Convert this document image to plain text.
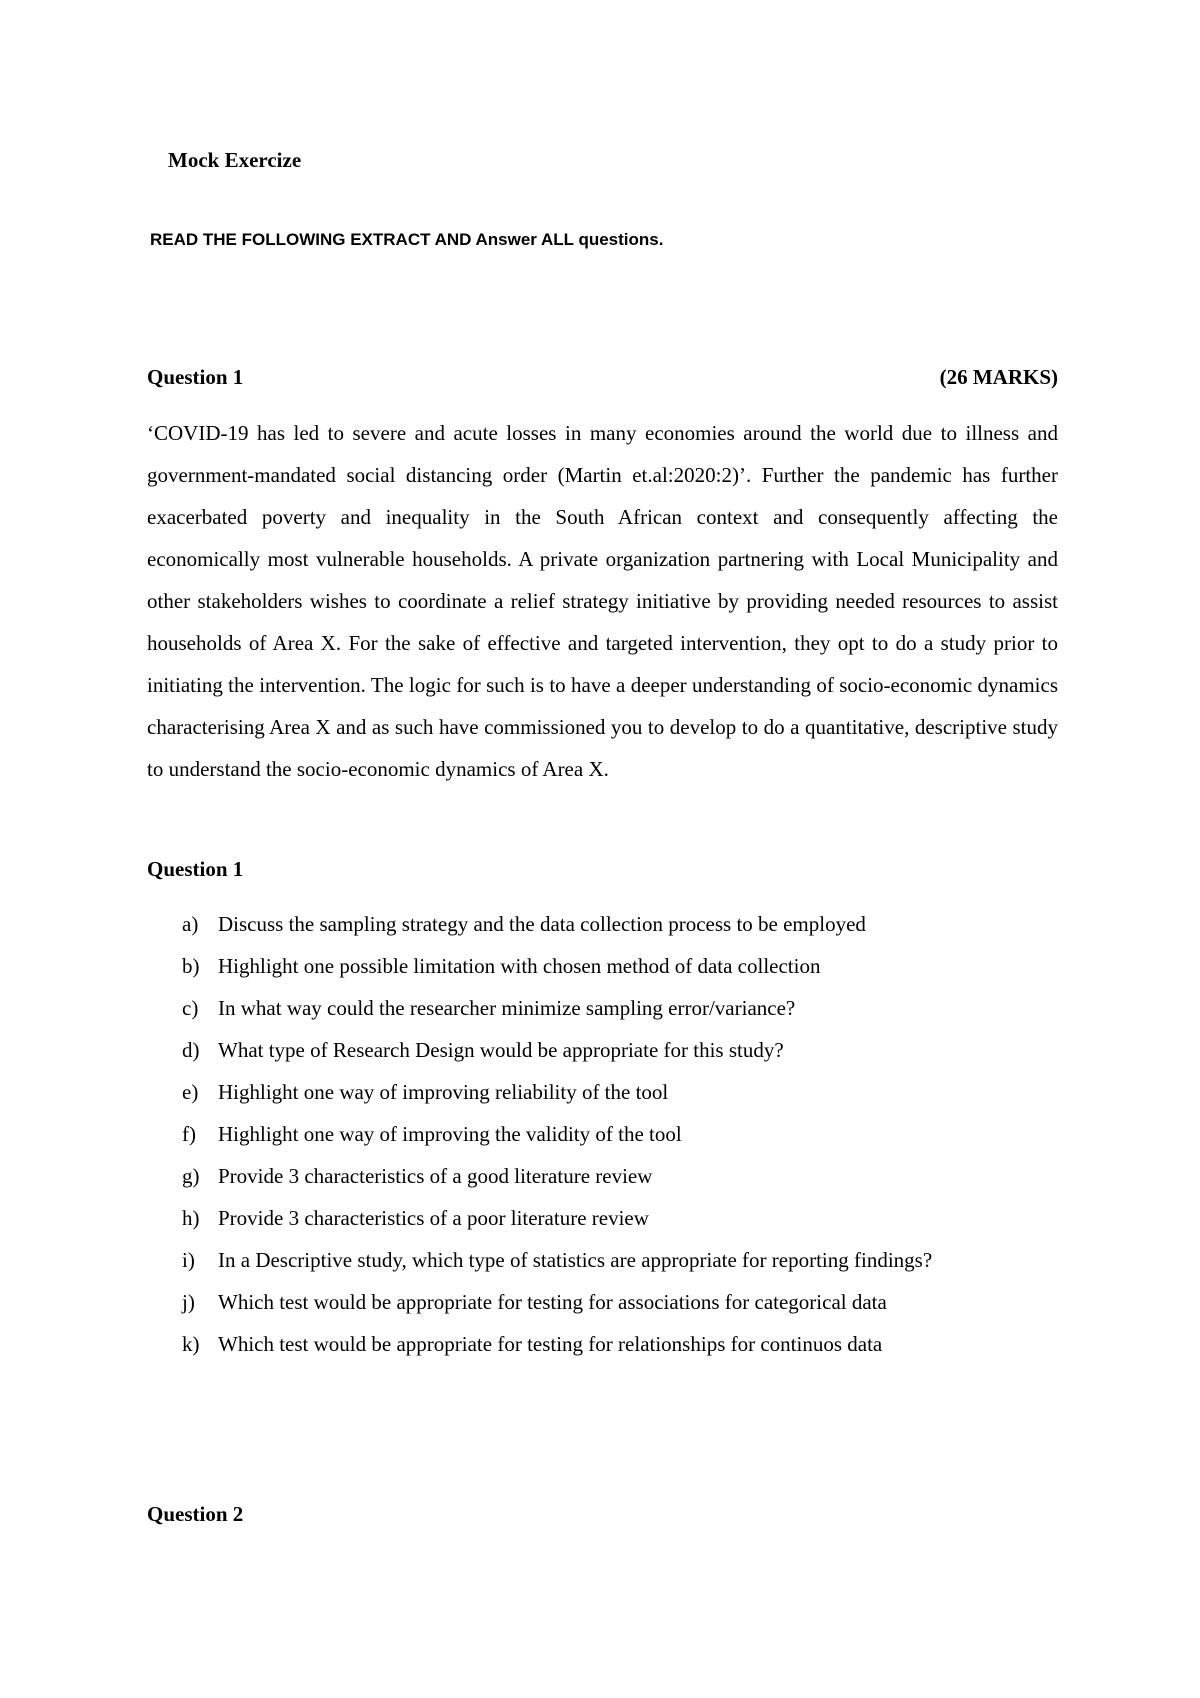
Mock Exercize
READ THE FOLLOWING EXTRACT AND Answer ALL questions.
Question 1	(26 MARKS)

‘COVID-19 has led to severe and acute losses in many economies around the world due to illness and government-mandated social distancing order (Martin et.al:2020:2)’. Further the pandemic has further exacerbated poverty and inequality in the South African context and consequently affecting the economically most vulnerable households. A private organization partnering with Local Municipality and other stakeholders wishes to coordinate a relief strategy initiative by providing needed resources to assist households of Area X. For the sake of effective and targeted intervention, they opt to do a study prior to initiating the intervention. The logic for such is to have a deeper understanding of socio-economic dynamics characterising Area X and as such have commissioned you to develop to do a quantitative, descriptive study to understand the socio-economic dynamics of Area X.

Question 1
a) Discuss the sampling strategy and the data collection process to be employed
b) Highlight one possible limitation with chosen method of data collection
c) In what way could the researcher minimize sampling error/variance?
d) What type of Research Design would be appropriate for this study?
e) Highlight one way of improving reliability of the tool
f) Highlight one way of improving the validity of the tool
g) Provide 3 characteristics of a good literature review
h) Provide 3 characteristics of a poor literature review
i) In a Descriptive study, which type of statistics are appropriate for reporting findings?
j) Which test would be appropriate for testing for associations for categorical data
k) Which test would be appropriate for testing for relationships for continuos data
Question 2
